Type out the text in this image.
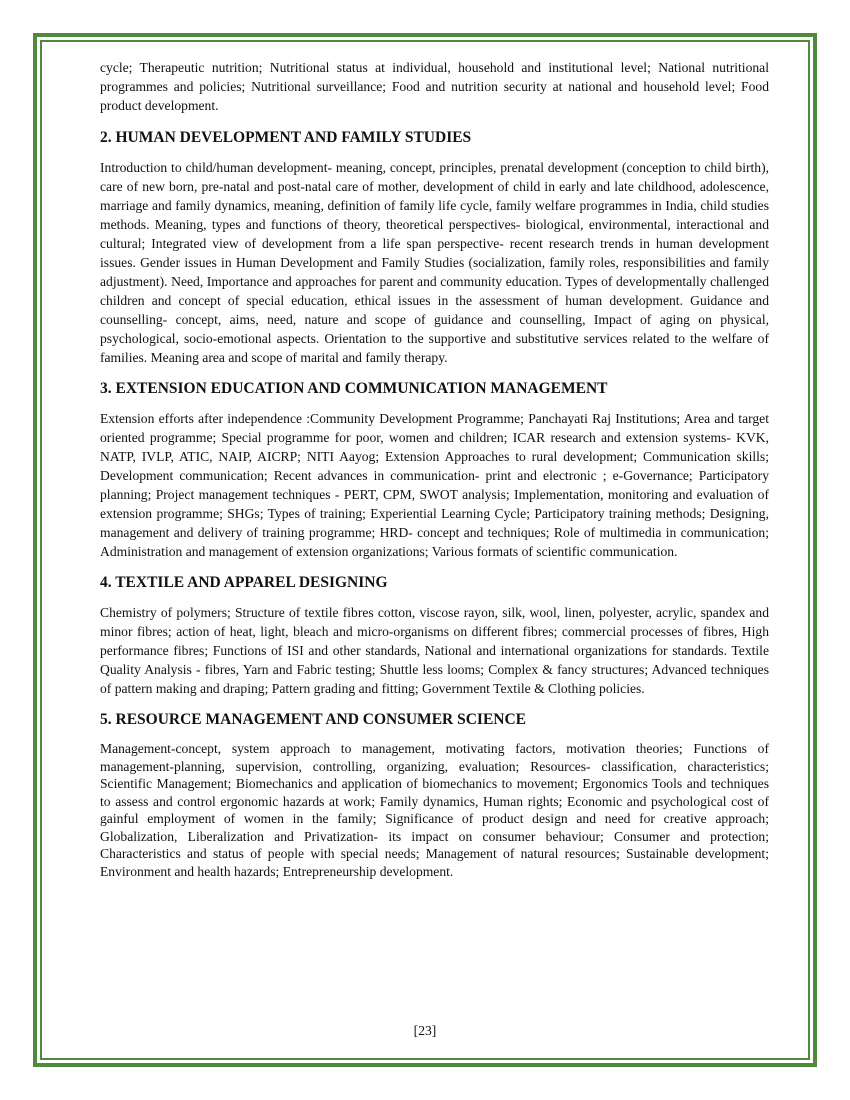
cycle; Therapeutic nutrition; Nutritional status at individual, household and institutional level; National nutritional programmes and policies; Nutritional surveillance; Food and nutrition security at national and household level; Food product development.

2. HUMAN DEVELOPMENT AND FAMILY STUDIES

Introduction to child/human development- meaning, concept, principles, prenatal development (conception to child birth), care of new born, pre-natal and post-natal care of mother, development of child in early and late childhood, adolescence, marriage and family dynamics, meaning, definition of family life cycle, family welfare programmes in India, child studies methods. Meaning, types and functions of theory, theoretical perspectives- biological, environmental, interactional and cultural; Integrated view of development from a life span perspective- recent research trends in human development issues. Gender issues in Human Development and Family Studies (socialization, family roles, responsibilities and family adjustment). Need, Importance and approaches for parent and community education. Types of developmentally challenged children and concept of special education, ethical issues in the assessment of human development. Guidance and counselling- concept, aims, need, nature and scope of guidance and counselling, Impact of aging on physical, psychological, socio-emotional aspects. Orientation to the supportive and substitutive services related to the welfare of families. Meaning area and scope of marital and family therapy.

3. EXTENSION EDUCATION AND COMMUNICATION MANAGEMENT

Extension efforts after independence :Community Development Programme; Panchayati Raj Institutions; Area and target oriented programme; Special programme for poor, women and children; ICAR research and extension systems- KVK, NATP, IVLP, ATIC, NAIP, AICRP; NITI Aayog; Extension Approaches to rural development; Communication skills; Development communication; Recent advances in communication- print and electronic ; e-Governance; Participatory planning; Project management techniques - PERT, CPM, SWOT analysis; Implementation, monitoring and evaluation of extension programme; SHGs; Types of training; Experiential Learning Cycle; Participatory training methods; Designing, management and delivery of training programme; HRD- concept and techniques; Role of multimedia in communication; Administration and management of extension organizations; Various formats of scientific communication.

4. TEXTILE AND APPAREL DESIGNING

Chemistry of polymers; Structure of textile fibres cotton, viscose rayon, silk, wool, linen, polyester, acrylic, spandex and minor fibres; action of heat, light, bleach and micro-organisms on different fibres; commercial processes of fibres, High performance fibres; Functions of ISI and other standards, National and international organizations for standards. Textile Quality Analysis - fibres, Yarn and Fabric testing; Shuttle less looms; Complex & fancy structures; Advanced techniques of pattern making and draping; Pattern grading and fitting; Government Textile & Clothing policies.

5. RESOURCE MANAGEMENT AND CONSUMER SCIENCE

Management-concept, system approach to management, motivating factors, motivation theories; Functions of management-planning, supervision, controlling, organizing, evaluation; Resources- classification, characteristics; Scientific Management; Biomechanics and application of biomechanics to movement; Ergonomics Tools and techniques to assess and control ergonomic hazards at work; Family dynamics, Human rights; Economic and psychological cost of gainful employment of women in the family; Significance of product design and need for creative approach; Globalization, Liberalization and Privatization- its impact on consumer behaviour; Consumer and protection; Characteristics and status of people with special needs; Management of natural resources; Sustainable development; Environment and health hazards; Entrepreneurship development.

[23]
